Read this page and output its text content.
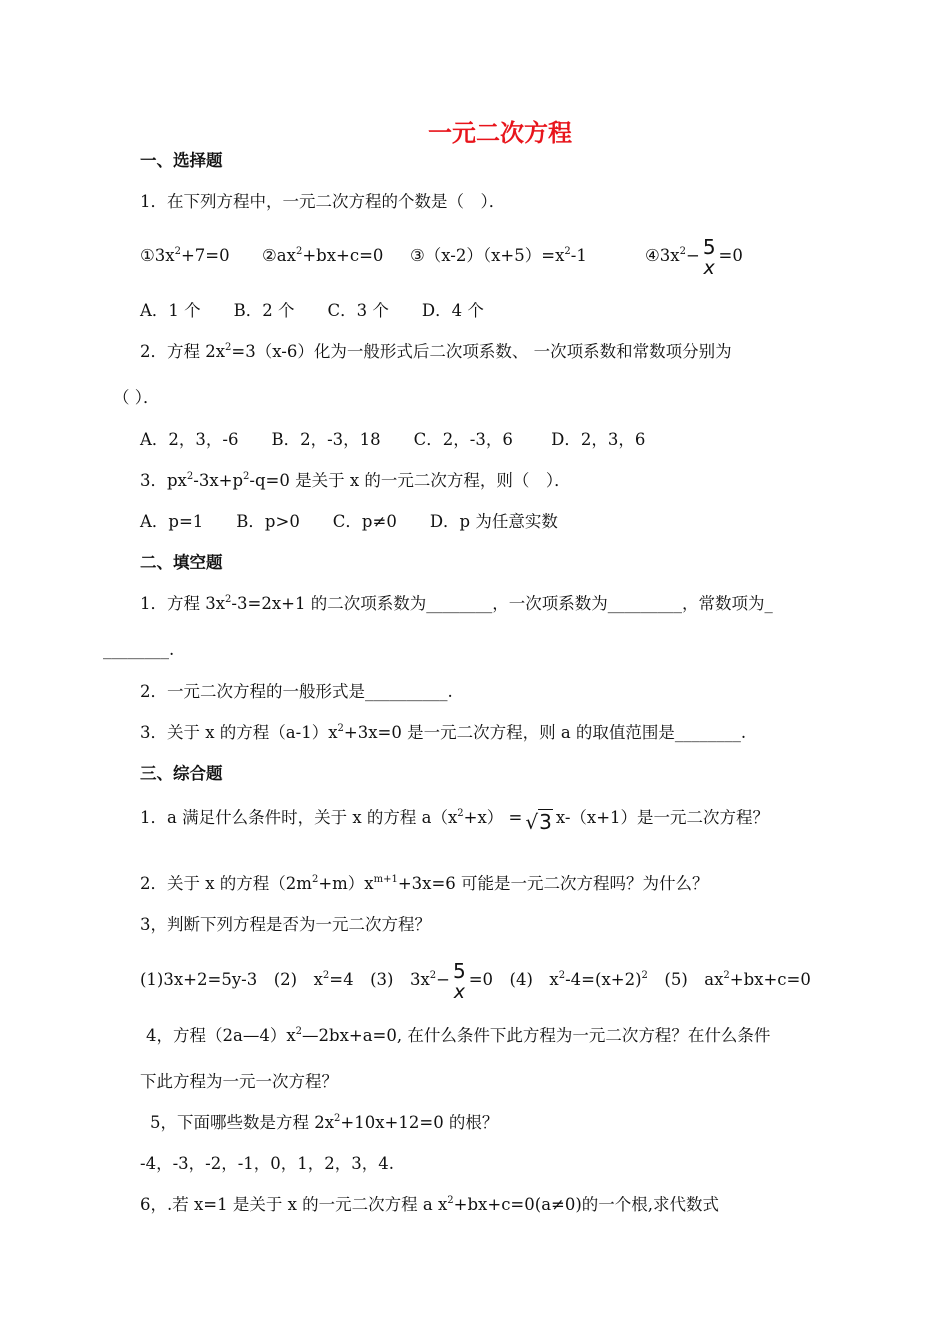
一元二次方程
一、选择题
1．在下列方程中，一元二次方程的个数是（　）．
$①3x^2+7=0$ $②ax^2+bx+c=0$ $③(x-2)(x+5)=x^2-1$	$④3x^2- 5$
x
=0
A．1 个　　B．2 个　　C．3 个　　D．4 个
2．方程 $2x^2=3(x-6)$化为一般形式后二次项系数、 一次项系数和常数项分别为
（ ）．
A．2，3，-6　　B．2，-3，18　　C．2，-3，6　　 D．2，3，6
3．$px^2-3x+p^2-q=0$ 是关于 x 的一元二次方程，则（　）．
A．p=1　　B．p>0　　C．p≠0　　D．p 为任意实数
二、填空题
1．方程 $3x^2-3=2x+1$ 的二次项系数为________，一次项系数为_________，常数项为_
________.
2．一元二次方程的一般形式是__________.
3．关于 x 的方程$(a-1)x^2+3x=0$ 是一元二次方程，则 a 的取值范围是________.
三、综合题
1．a 满足什么条件时，关于 x 的方程 $a(x^2+x) = √3$ x-（x+1）是一元二次方程？
2．关于 x 的方程$(2m^2+m)x^{m+1}+3x=6$ 可能是一元二次方程吗？为什么？
3，判断下列方程是否为一元二次方程？
(1)3x+2=5y-3　(2)　$x^2=4$　(3)　$3x^2- 5$
x
=0　(4)　$x^2-4=(x+2)^2$　(5)　$ax^2+bx+c=0$
4，方程$(2a—4)x^2—2bx+a=0$, 在什么条件下此方程为一元二次方程？在什么条件
下此方程为一元一次方程？
5，下面哪些数是方程 $2x^2+10x+12=0$ 的根？
-4，-3，-2，-1，0，1，2，3，4.
6，.若 x=1 是关于 x 的一元二次方程 a $x^2+bx+c=0(a\ne 0)$的一个根,求代数式
